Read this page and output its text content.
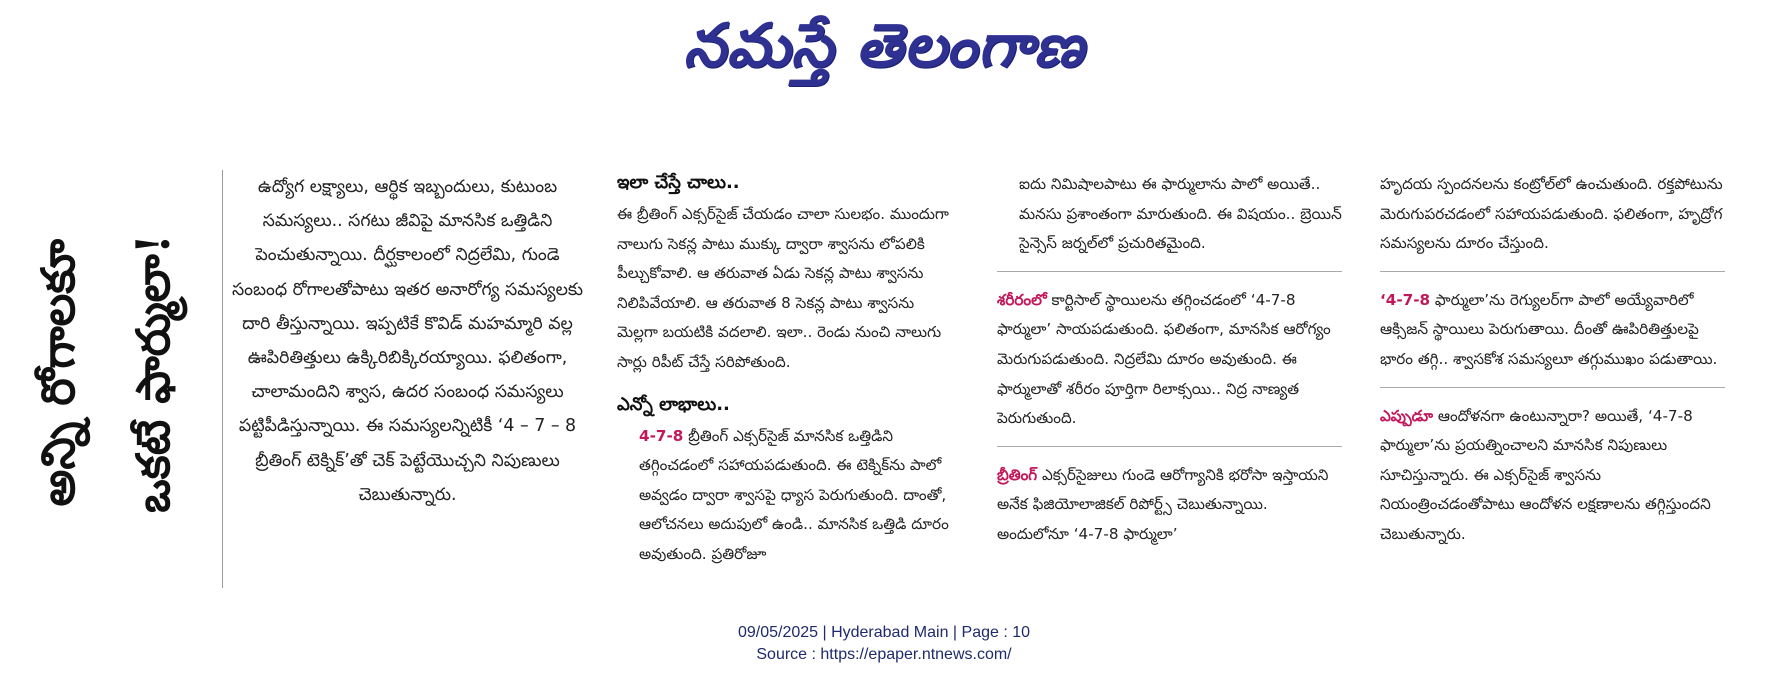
నమస్తే తెలంగాణ
అన్ని రోగాలకూ ఒకటే ఫార్ములా!

ఉద్యోగ లక్ష్యాలు, ఆర్థిక ఇబ్బందులు, కుటుంబ సమస్యలు.. సగటు జీవిపై మానసిక ఒత్తిడిని పెంచుతున్నాయి. దీర్ఘకాలంలో నిద్రలేమి, గుండె సంబంధ రోగాలతోపాటు ఇతర అనారోగ్య సమస్యలకు దారి తీస్తున్నాయి. ఇప్పటికే కొవిడ్ మహమ్మారి వల్ల ఊపిరితిత్తులు ఉక్కిరిబిక్కిరయ్యాయి. ఫలితంగా, చాలామందిని శ్వాస, ఉదర సంబంధ సమస్యలు పట్టిపీడిస్తున్నాయి. ఈ సమస్యలన్నిటికీ ‘4 – 7 – 8 బ్రీతింగ్ టెక్నిక్’తో చెక్ పెట్టేయొచ్చని నిపుణులు చెబుతున్నారు.

ఇలా చేస్తే చాలు..

ఈ బ్రీతింగ్ ఎక్సర్‌సైజ్ చేయడం చాలా సులభం. ముందుగా నాలుగు సెకన్ల పాటు ముక్కు ద్వారా శ్వాసను లోపలికి పీల్చుకోవాలి. ఆ తరువాత ఏడు సెకన్ల పాటు శ్వాసను నిలిపివేయాలి. ఆ తరువాత 8 సెకన్ల పాటు శ్వాసను మెల్లగా బయటికి వదలాలి. ఇలా.. రెండు నుంచి నాలుగు సార్లు రిపీట్ చేస్తే సరిపోతుంది.

ఎన్నో లాభాలు..

4-7-8 బ్రీతింగ్ ఎక్సర్‌సైజ్ మానసిక ఒత్తిడిని తగ్గించడంలో సహాయపడుతుంది. ఈ టెక్నిక్‌ను పాలో అవ్వడం ద్వారా శ్వాసపై ధ్యాస పెరుగుతుంది. దాంతో, ఆలోచనలు అదుపులో ఉండి.. మానసిక ఒత్తిడి దూరం అవుతుంది. ప్రతిరోజూ

ఐదు నిమిషాలపాటు ఈ ఫార్ములాను పాలో అయితే.. మనసు ప్రశాంతంగా మారుతుంది. ఈ విషయం.. బ్రెయిన్ సైన్సెస్ జర్నల్‌లో ప్రచురితమైంది.

శరీరంలో కార్టిసాల్ స్థాయిలను తగ్గించడంలో ‘4-7-8 ఫార్ములా’ సాయపడుతుంది. ఫలితంగా, మానసిక ఆరోగ్యం మెరుగుపడుతుంది. నిద్రలేమి దూరం అవుతుంది. ఈ ఫార్ములాతో శరీరం పూర్తిగా రిలాక్సయి.. నిద్ర నాణ్యత పెరుగుతుంది.

బ్రీతింగ్ ఎక్సర్‌సైజులు గుండె ఆరోగ్యానికి భరోసా ఇస్తాయని అనేక ఫిజియోలాజికల్ రిపోర్ట్స్ చెబుతున్నాయి. అందులోనూ ‘4-7-8 ఫార్ములా’

హృదయ స్పందనలను కంట్రోల్‌లో ఉంచుతుంది. రక్తపోటును మెరుగుపరచడంలో సహాయపడుతుంది. ఫలితంగా, హృద్రోగ సమస్యలను దూరం చేస్తుంది.

‘4-7-8 ఫార్ములా’ను రెగ్యులర్‌గా పాలో అయ్యేవారిలో ఆక్సిజన్ స్థాయిలు పెరుగుతాయి. దీంతో ఊపిరితిత్తులపై భారం తగ్గి.. శ్వాసకోశ సమస్యలూ తగ్గుముఖం పడుతాయి.

ఎప్పుడూ ఆందోళనగా ఉంటున్నారా? అయితే, ‘4-7-8 ఫార్ములా’ను ప్రయత్నించాలని మానసిక నిపుణులు సూచిస్తున్నారు. ఈ ఎక్సర్‌సైజ్ శ్వాసను నియంత్రించడంతోపాటు ఆందోళన లక్షణాలను తగ్గిస్తుందని చెబుతున్నారు.

09/05/2025 | Hyderabad Main | Page : 10
Source : https://epaper.ntnews.com/
